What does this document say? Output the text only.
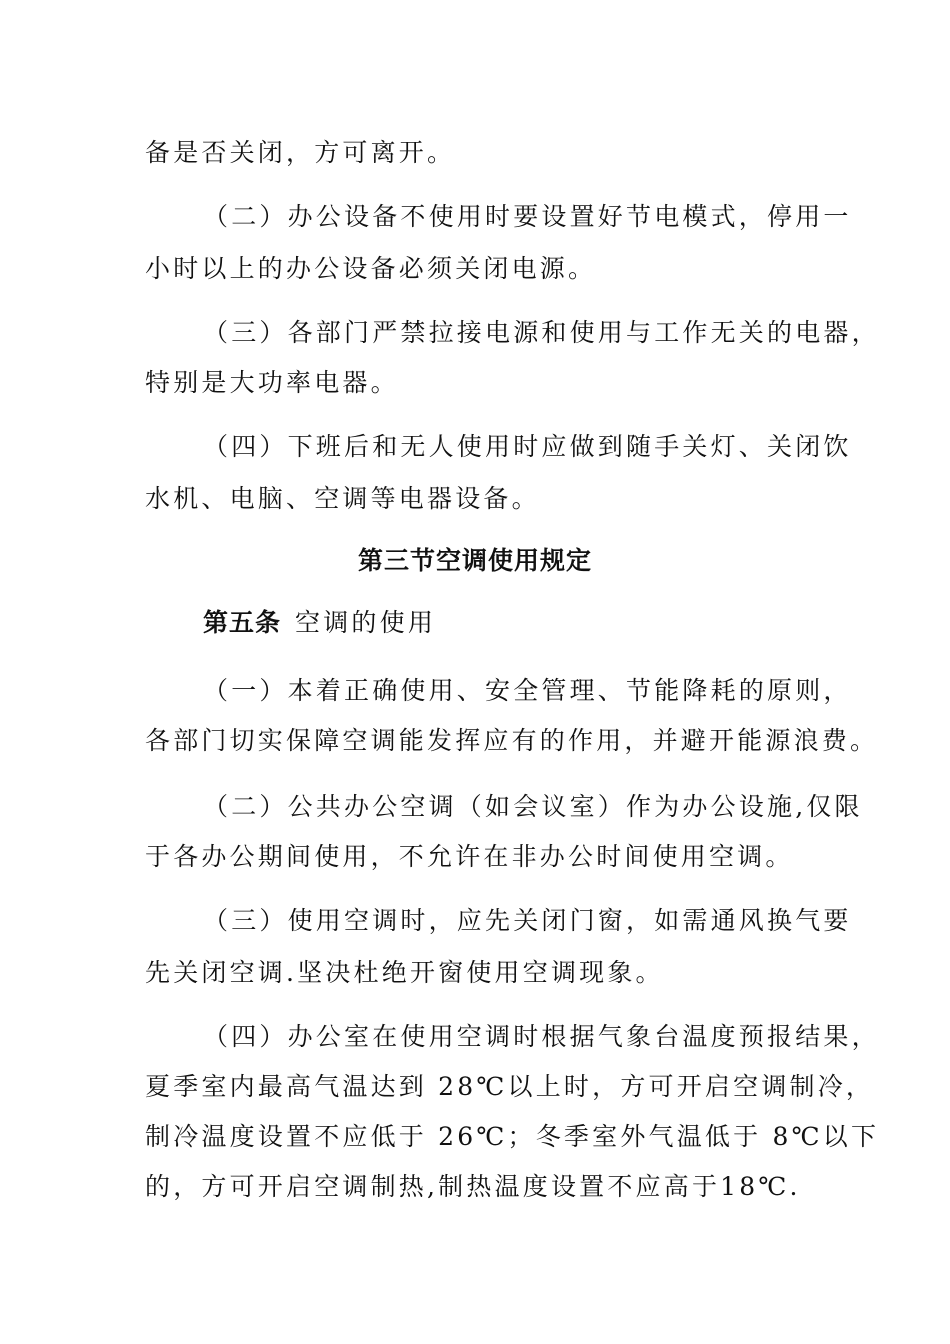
备是否关闭，方可离开。
（二）办公设备不使用时要设置好节电模式，停用一
小时以上的办公设备必须关闭电源。
（三）各部门严禁拉接电源和使用与工作无关的电器，
特别是大功率电器。
（四）下班后和无人使用时应做到随手关灯、关闭饮
水机、电脑、空调等电器设备。
第三节空调使用规定
第五条 空调的使用
（一）本着正确使用、安全管理、节能降耗的原则，
各部门切实保障空调能发挥应有的作用，并避开能源浪费。
（二）公共办公空调（如会议室）作为办公设施,仅限
于各办公期间使用，不允许在非办公时间使用空调。
（三）使用空调时，应先关闭门窗，如需通风换气要
先关闭空调.坚决杜绝开窗使用空调现象。
（四）办公室在使用空调时根据气象台温度预报结果，
夏季室内最高气温达到 28℃以上时，方可开启空调制冷，
制冷温度设置不应低于 26℃；冬季室外气温低于 8℃以下
的，方可开启空调制热,制热温度设置不应高于18℃.
